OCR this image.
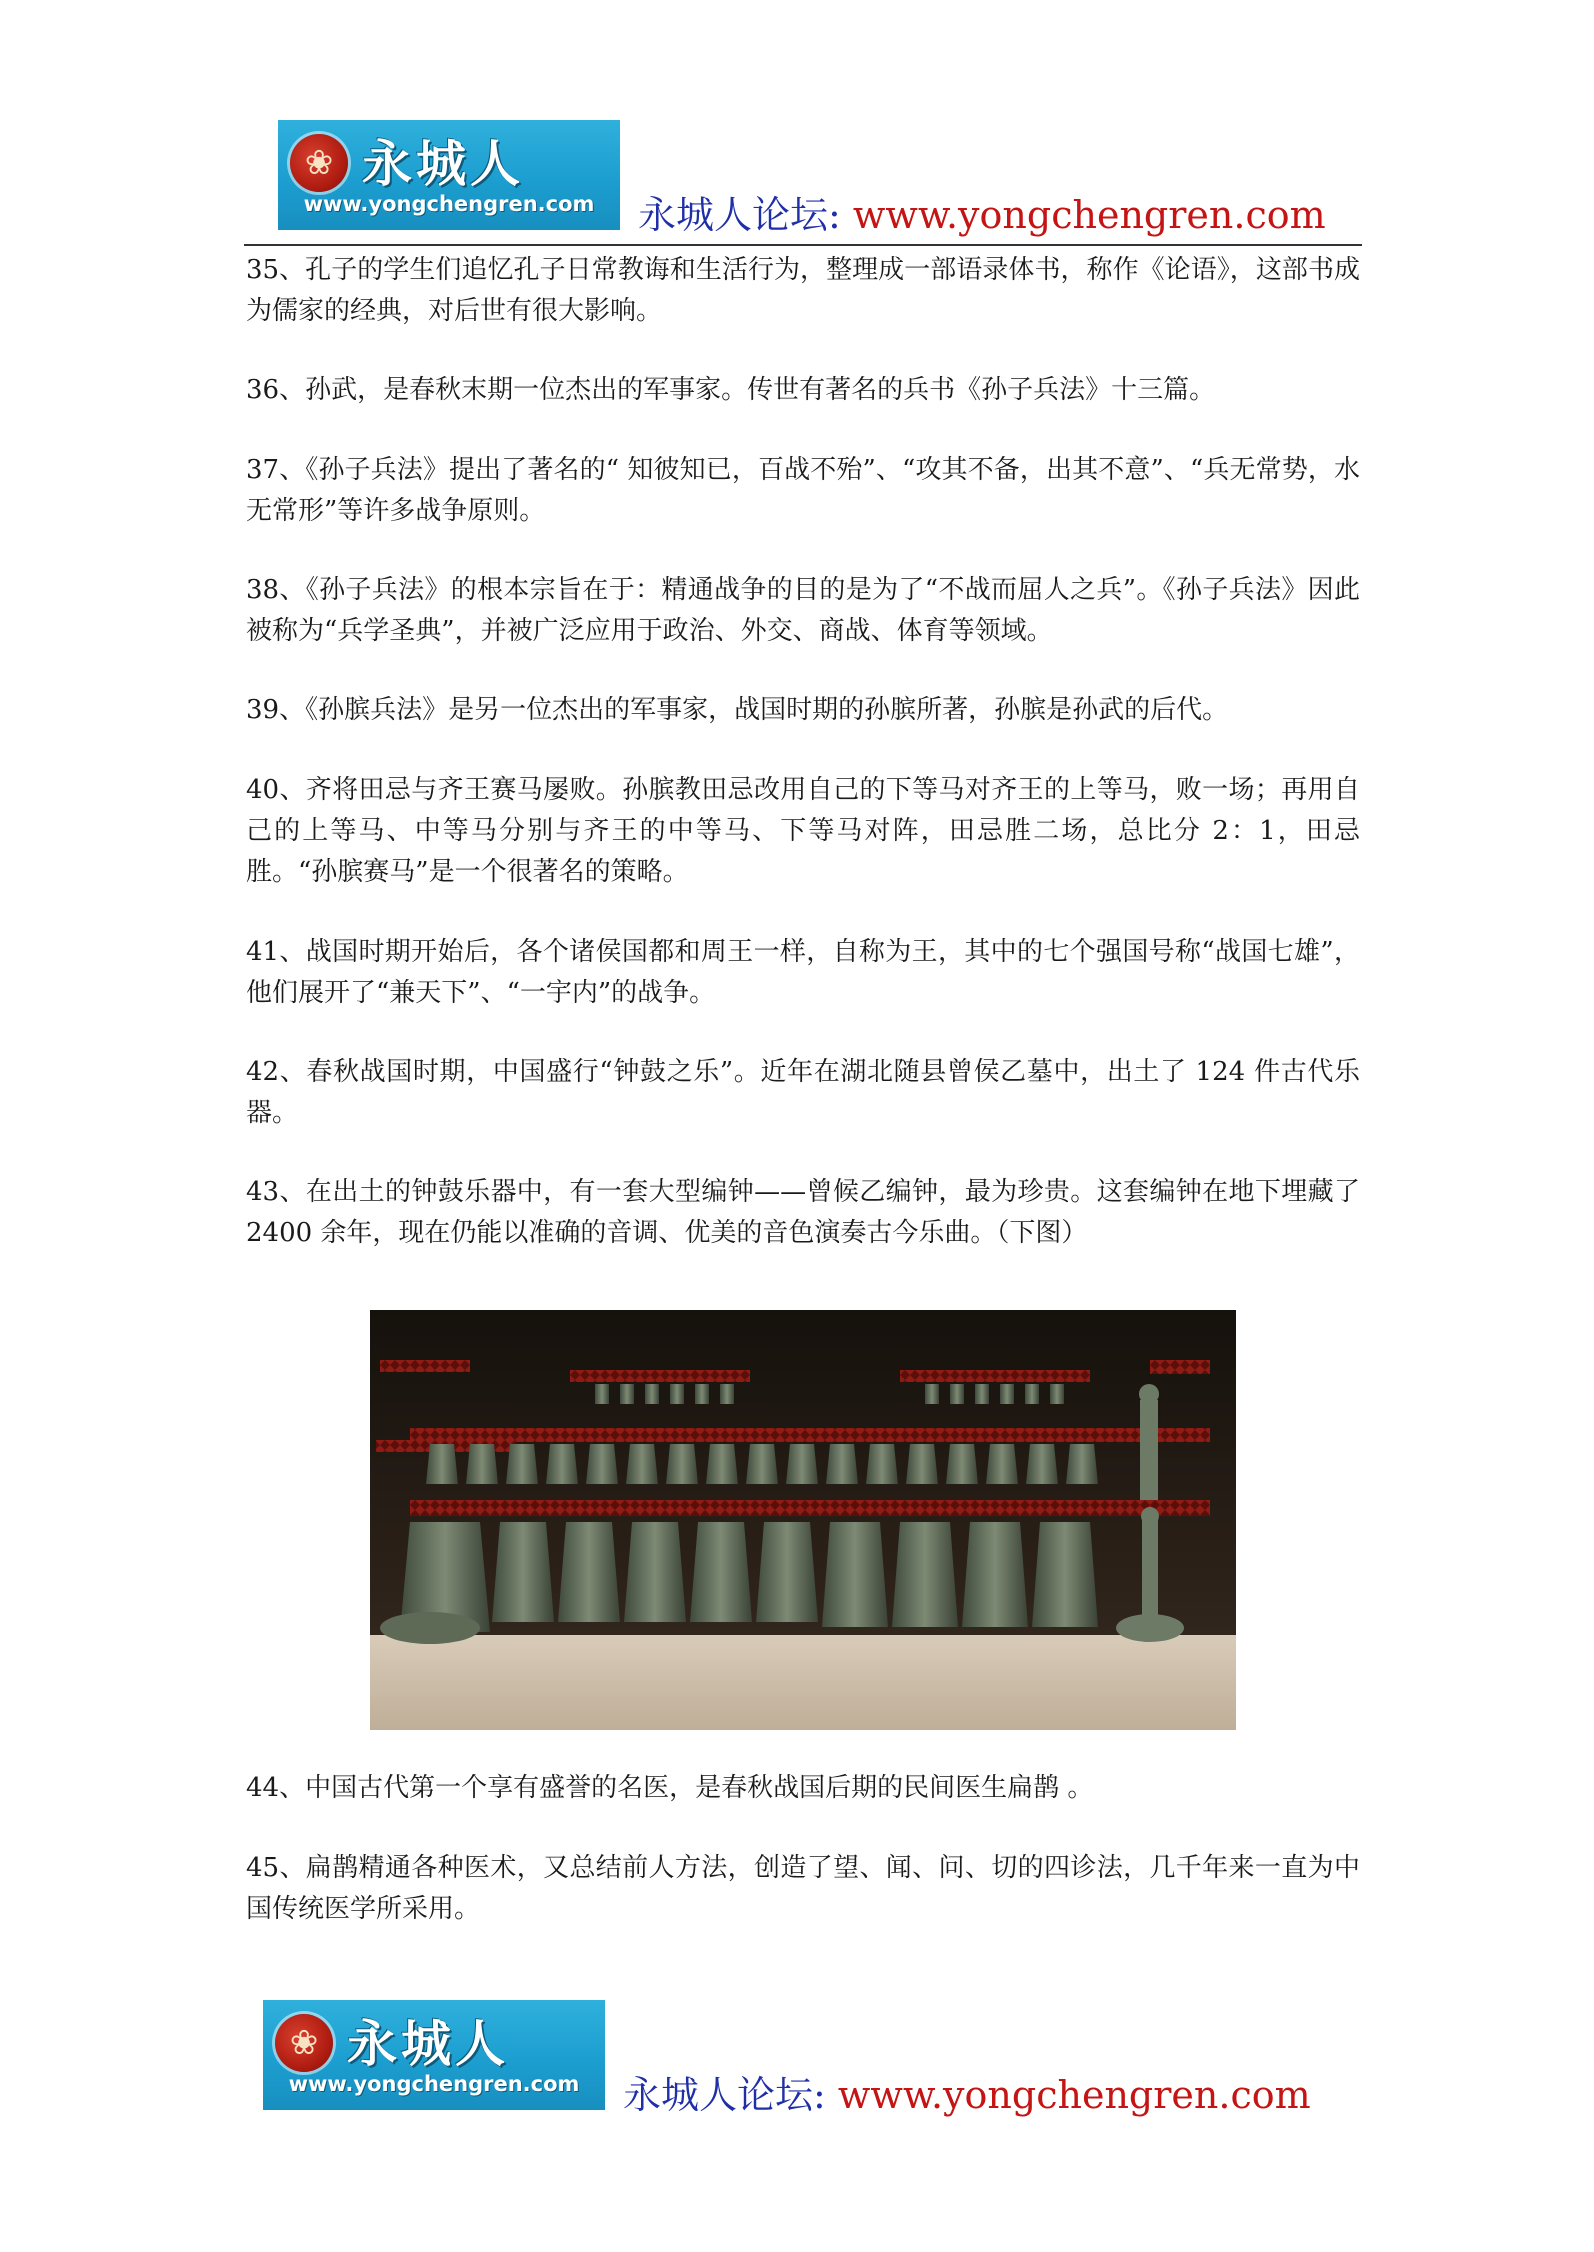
❀
永城人
www.yongchengren.com	永城人论坛: www.yongchengren.com

35、孔子的学生们追忆孔子日常教诲和生活行为，整理成一部语录体书，称作《论语》，这部书成为儒家的经典，对后世有很大影响。

36、孙武，是春秋末期一位杰出的军事家。传世有著名的兵书《孙子兵法》十三篇。

37、《孙子兵法》提出了著名的“ 知彼知已，百战不殆”、“攻其不备，出其不意”、“兵无常势，水无常形”等许多战争原则。

38、《孙子兵法》的根本宗旨在于：精通战争的目的是为了“不战而屈人之兵”。《孙子兵法》因此被称为“兵学圣典”，并被广泛应用于政治、外交、商战、体育等领域。

39、《孙膑兵法》是另一位杰出的军事家，战国时期的孙膑所著，孙膑是孙武的后代。

40、齐将田忌与齐王赛马屡败。孙膑教田忌改用自己的下等马对齐王的上等马，败一场；再用自己的上等马、中等马分别与齐王的中等马、下等马对阵，田忌胜二场，总比分 2：1，田忌胜。“孙膑赛马”是一个很著名的策略。

41、战国时期开始后，各个诸侯国都和周王一样，自称为王，其中的七个强国号称“战国七雄”，他们展开了“兼天下”、“一宇内”的战争。

42、春秋战国时期，中国盛行“钟鼓之乐”。近年在湖北随县曾侯乙墓中，出土了 124 件古代乐器。

43、在出土的钟鼓乐器中，有一套大型编钟——曾候乙编钟，最为珍贵。这套编钟在地下埋藏了 2400 余年，现在仍能以准确的音调、优美的音色演奏古今乐曲。（下图）

44、中国古代第一个享有盛誉的名医，是春秋战国后期的民间医生扁鹊 。

45、扁鹊精通各种医术，又总结前人方法，创造了望、闻、问、切的四诊法，几千年来一直为中国传统医学所采用。

❀
永城人
www.yongchengren.com	永城人论坛: www.yongchengren.com
